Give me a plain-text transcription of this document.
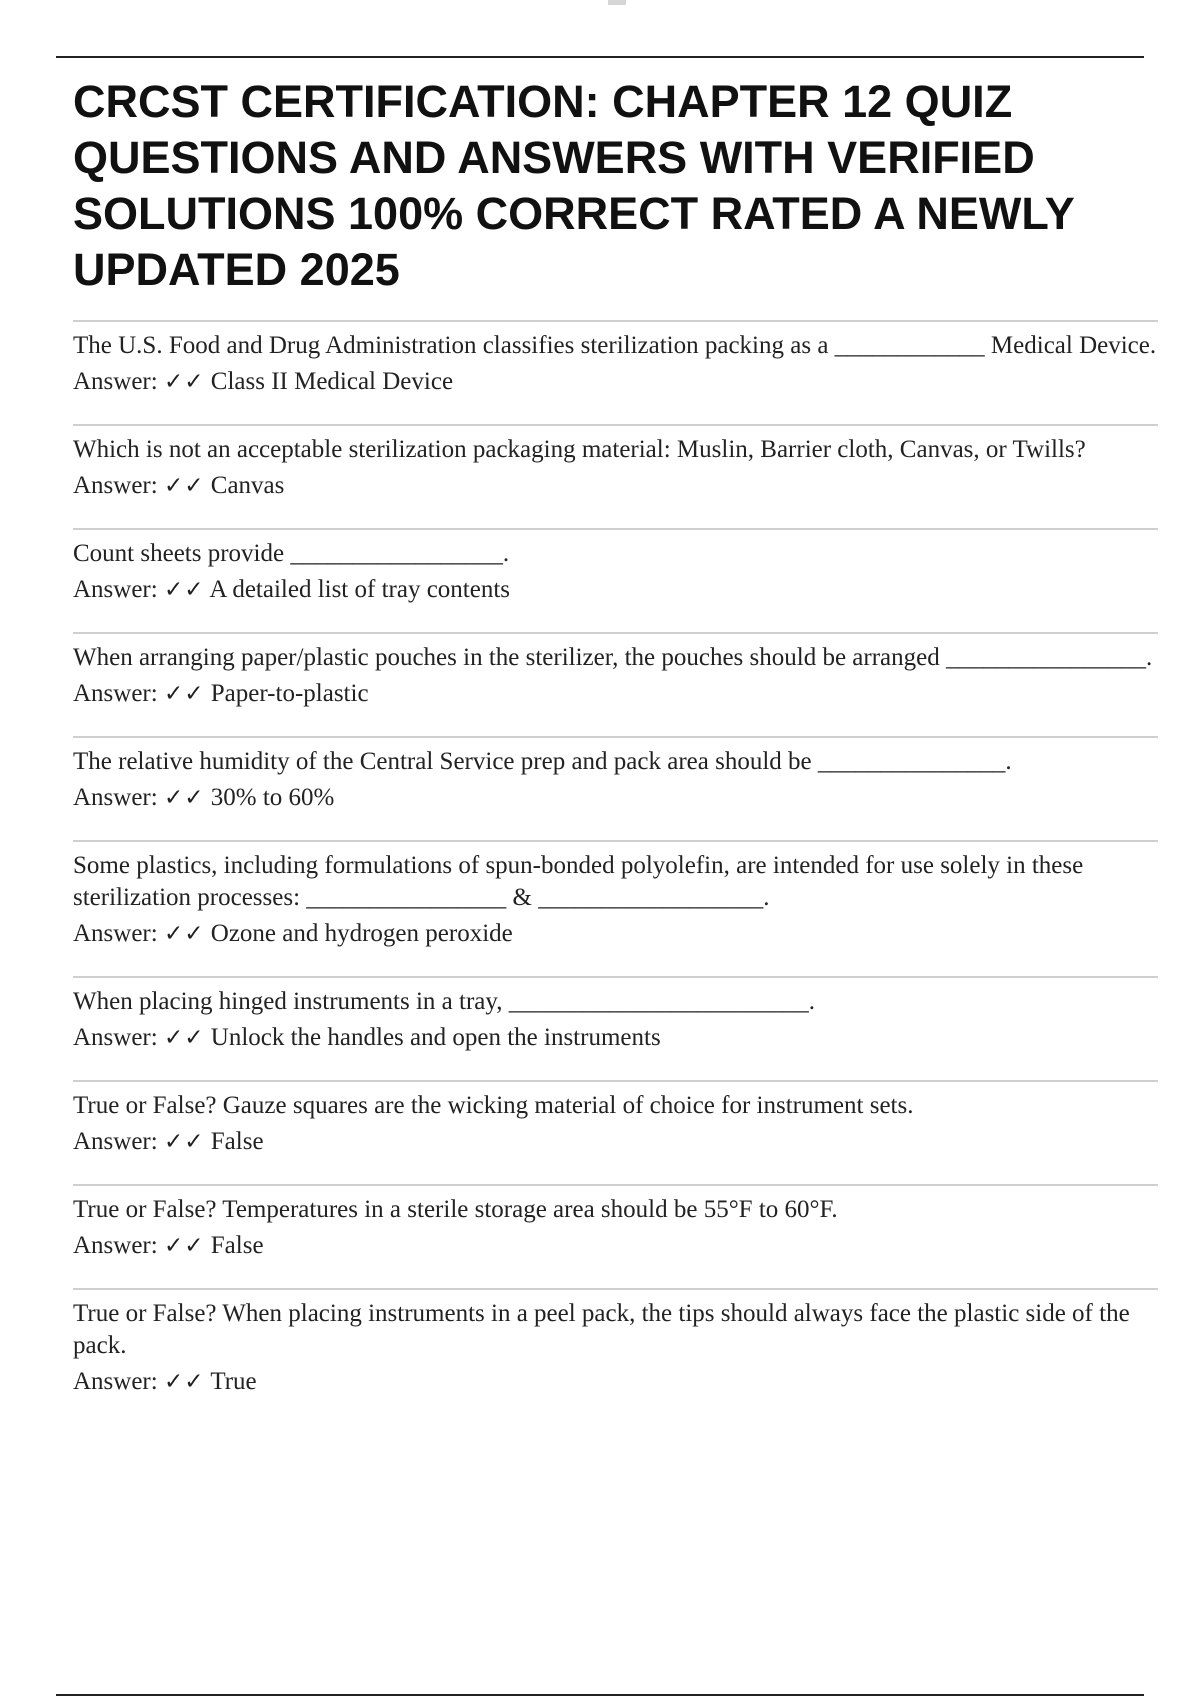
CRCST CERTIFICATION: CHAPTER 12 QUIZ QUESTIONS AND ANSWERS WITH VERIFIED SOLUTIONS 100% CORRECT RATED A NEWLY UPDATED 2025

The U.S. Food and Drug Administration classifies sterilization packing as a ____________ Medical Device.

Answer: ✓✓ Class II Medical Device

Which is not an acceptable sterilization packaging material: Muslin, Barrier cloth, Canvas, or Twills?

Answer: ✓✓ Canvas

Count sheets provide _________________.

Answer: ✓✓ A detailed list of tray contents

When arranging paper/plastic pouches in the sterilizer, the pouches should be arranged ________________.

Answer: ✓✓ Paper-to-plastic

The relative humidity of the Central Service prep and pack area should be _______________.

Answer: ✓✓ 30% to 60%

Some plastics, including formulations of spun-bonded polyolefin, are intended for use solely in these sterilization processes: ________________ & __________________.

Answer: ✓✓ Ozone and hydrogen peroxide

When placing hinged instruments in a tray, ________________________.

Answer: ✓✓ Unlock the handles and open the instruments

True or False? Gauze squares are the wicking material of choice for instrument sets.

Answer: ✓✓ False

True or False? Temperatures in a sterile storage area should be 55°F to 60°F.

Answer: ✓✓ False

True or False? When placing instruments in a peel pack, the tips should always face the plastic side of the pack.

Answer: ✓✓ True
